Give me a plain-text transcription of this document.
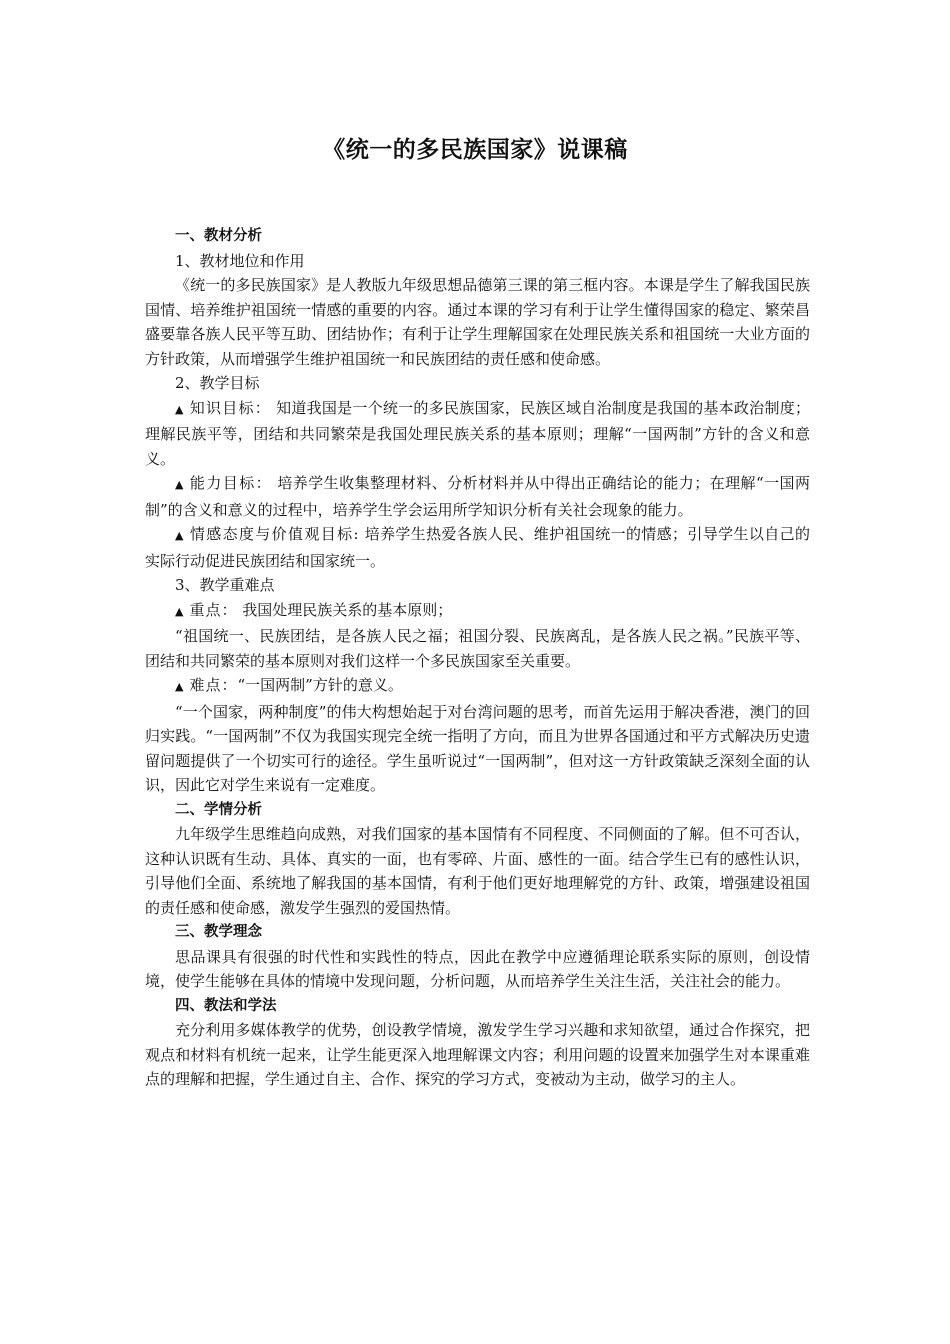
《统一的多民族国家》说课稿

一、教材分析

1、教材地位和作用

《统一的多民族国家》是人教版九年级思想品德第三课的第三框内容。本课是学生了解我国民族国情、培养维护祖国统一情感的重要的内容。通过本课的学习有利于让学生懂得国家的稳定、繁荣昌盛要靠各族人民平等互助、团结协作；有利于让学生理解国家在处理民族关系和祖国统一大业方面的方针政策，从而增强学生维护祖国统一和民族团结的责任感和使命感。

2、教学目标

▲ 知识目标： 知道我国是一个统一的多民族国家，民族区域自治制度是我国的基本政治制度；理解民族平等，团结和共同繁荣是我国处理民族关系的基本原则；理解“一国两制”方针的含义和意义。

▲ 能力目标： 培养学生收集整理材料、分析材料并从中得出正确结论的能力；在理解“一国两制”的含义和意义的过程中，培养学生学会运用所学知识分析有关社会现象的能力。

▲ 情感态度与价值观目标: 培养学生热爱各族人民、维护祖国统一的情感；引导学生以自己的实际行动促进民族团结和国家统一。

3、教学重难点

▲ 重点： 我国处理民族关系的基本原则；

“祖国统一、民族团结，是各族人民之福；祖国分裂、民族离乱，是各族人民之祸。”民族平等、团结和共同繁荣的基本原则对我们这样一个多民族国家至关重要。

▲ 难点：“一国两制”方针的意义。

“一个国家，两种制度”的伟大构想始起于对台湾问题的思考，而首先运用于解决香港，澳门的回归实践。“一国两制”不仅为我国实现完全统一指明了方向，而且为世界各国通过和平方式解决历史遗留问题提供了一个切实可行的途径。学生虽听说过“一国两制”，但对这一方针政策缺乏深刻全面的认识，因此它对学生来说有一定难度。

二、学情分析

九年级学生思维趋向成熟，对我们国家的基本国情有不同程度、不同侧面的了解。但不可否认，这种认识既有生动、具体、真实的一面，也有零碎、片面、感性的一面。结合学生已有的感性认识，引导他们全面、系统地了解我国的基本国情，有利于他们更好地理解党的方针、政策，增强建设祖国的责任感和使命感，激发学生强烈的爱国热情。

三、教学理念

思品课具有很强的时代性和实践性的特点，因此在教学中应遵循理论联系实际的原则，创设情境，使学生能够在具体的情境中发现问题，分析问题，从而培养学生关注生活，关注社会的能力。

四、教法和学法

充分利用多媒体教学的优势，创设教学情境，激发学生学习兴趣和求知欲望，通过合作探究，把观点和材料有机统一起来，让学生能更深入地理解课文内容；利用问题的设置来加强学生对本课重难点的理解和把握，学生通过自主、合作、探究的学习方式，变被动为主动，做学习的主人。
